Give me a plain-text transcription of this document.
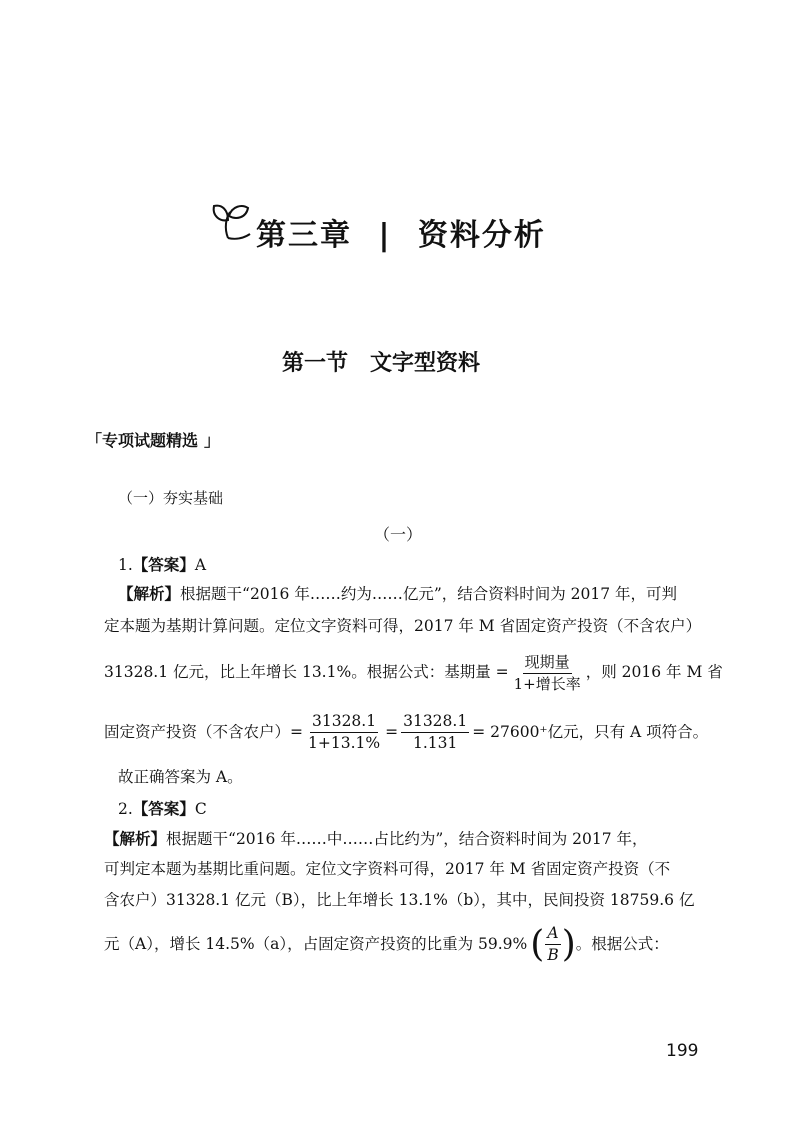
第三章 | 资料分析
第一节　文字型资料
「专项试题精选 」
（一）夯实基础
（一）
1.【答案】A
【解析】根据题干“2016 年……约为……亿元”，结合资料时间为 2017 年，可判
定本题为基期计算问题。定位文字资料可得，2017 年 M 省固定资产投资（不含农户）
31328.1 亿元，比上年增长 13.1%。根据公式：基期量 = $\frac{\text{现期量}}{\text{1+增长率}}$ ，则 2016 年 M 省
固定资产投资（不含农户）= $\frac{31328.1}{1+13.1\%} = \frac{31328.1}{1.131} = 27600^+$亿元，只有 A 项符合。
故正确答案为 A。
2.【答案】C
【解析】根据题干“2016 年……中……占比约为”，结合资料时间为 2017 年，
可判定本题为基期比重问题。定位文字资料可得，2017 年 M 省固定资产投资（不
含农户）31328.1 亿元（B），比上年增长 13.1%（b），其中，民间投资 18759.6 亿
元（A），增长 14.5%（a），占固定资产投资的比重为 59.9% ( $\frac{A}{B}$ ) 。根据公式：
199
